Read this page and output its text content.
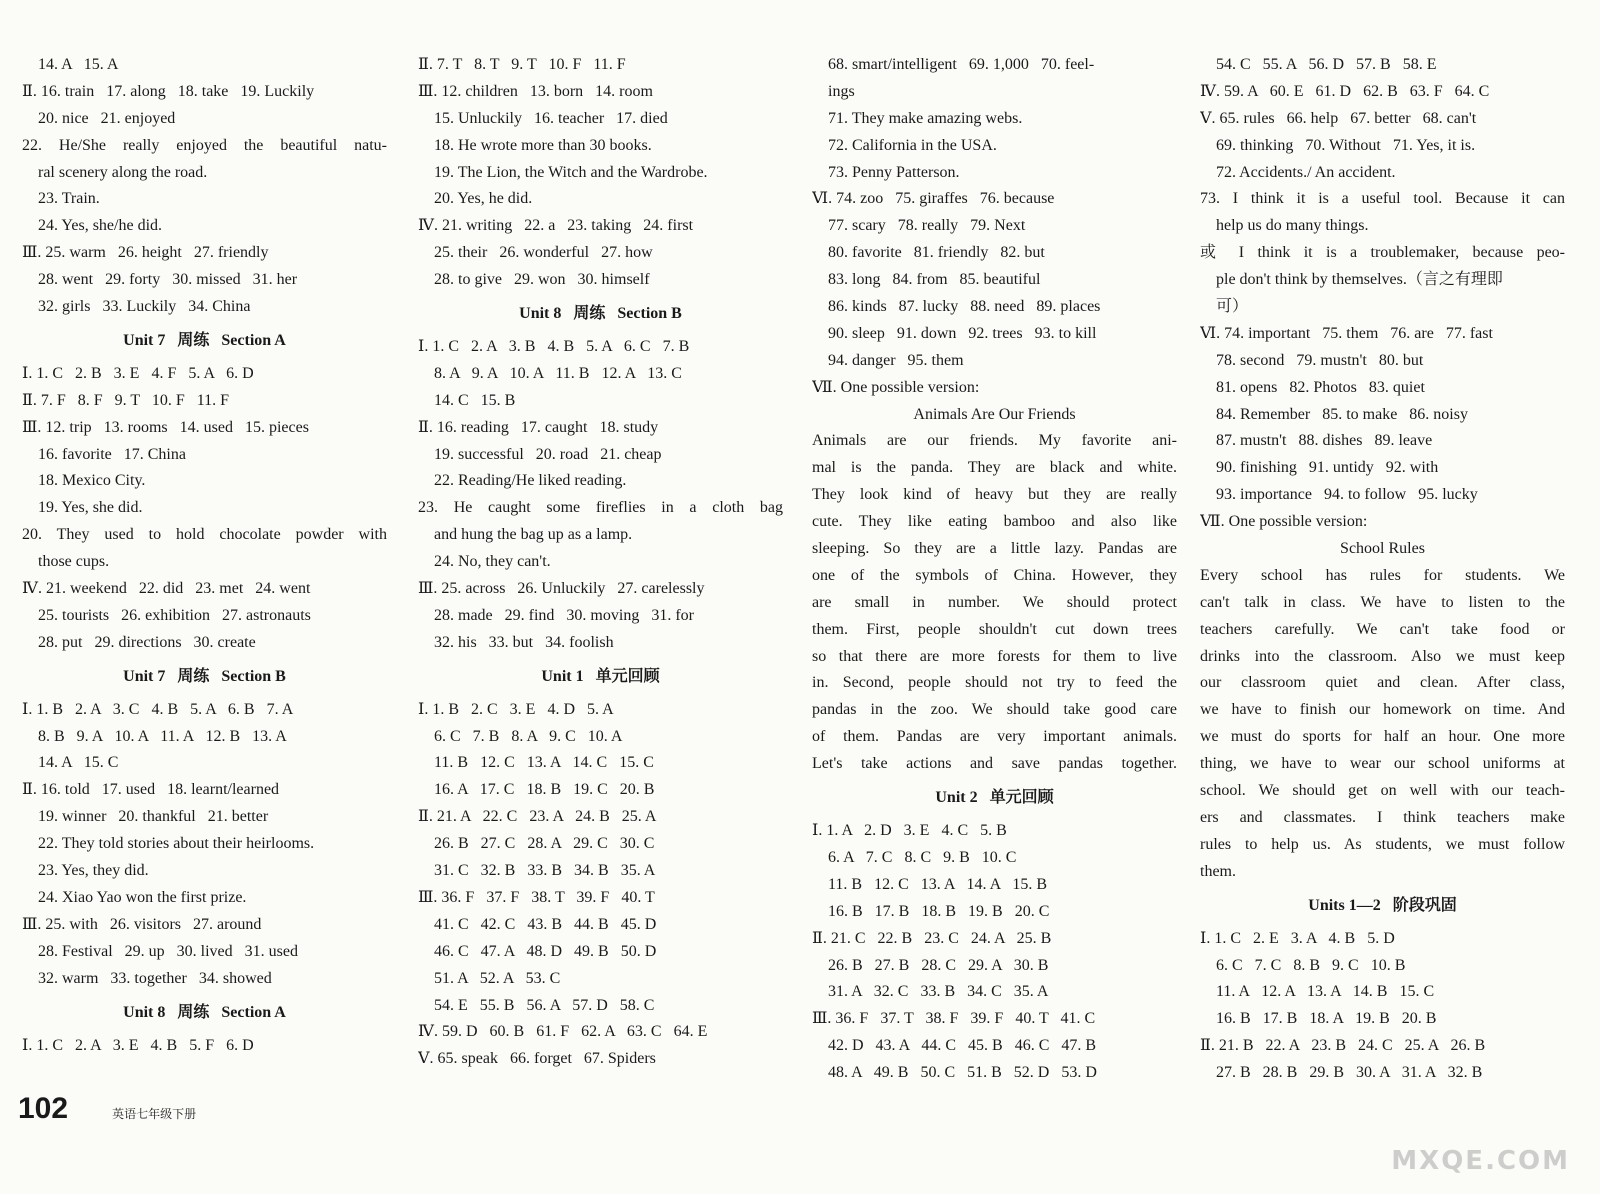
14. A   15. A
Ⅱ. 16. train   17. along   18. take   19. Luckily
20. nice   21. enjoyed
22. He/She really enjoyed the beautiful natu-
ral scenery along the road.
23. Train.
24. Yes, she/he did.
Ⅲ. 25. warm   26. height   27. friendly
28. went   29. forty   30. missed   31. her
32. girls   33. Luckily   34. China
Unit 7   周练   Section A
Ⅰ. 1. C   2. B   3. E   4. F   5. A   6. D
Ⅱ. 7. F   8. F   9. T   10. F   11. F
Ⅲ. 12. trip   13. rooms   14. used   15. pieces
16. favorite   17. China
18. Mexico City.
19. Yes, she did.
20. They used to hold chocolate powder with
those cups.
Ⅳ. 21. weekend   22. did   23. met   24. went
25. tourists   26. exhibition   27. astronauts
28. put   29. directions   30. create
Unit 7   周练   Section B
Ⅰ. 1. B   2. A   3. C   4. B   5. A   6. B   7. A
8. B   9. A   10. A   11. A   12. B   13. A
14. A   15. C
Ⅱ. 16. told   17. used   18. learnt/learned
19. winner   20. thankful   21. better
22. They told stories about their heirlooms.
23. Yes, they did.
24. Xiao Yao won the first prize.
Ⅲ. 25. with   26. visitors   27. around
28. Festival   29. up   30. lived   31. used
32. warm   33. together   34. showed
Unit 8   周练   Section A
Ⅰ. 1. C   2. A   3. E   4. B   5. F   6. D
Ⅱ. 7. T   8. T   9. T   10. F   11. F
Ⅲ. 12. children   13. born   14. room
15. Unluckily   16. teacher   17. died
18. He wrote more than 30 books.
19. The Lion, the Witch and the Wardrobe.
20. Yes, he did.
Ⅳ. 21. writing   22. a   23. taking   24. first
25. their   26. wonderful   27. how
28. to give   29. won   30. himself
Unit 8   周练   Section B
Ⅰ. 1. C   2. A   3. B   4. B   5. A   6. C   7. B
8. A   9. A   10. A   11. B   12. A   13. C
14. C   15. B
Ⅱ. 16. reading   17. caught   18. study
19. successful   20. road   21. cheap
22. Reading/He liked reading.
23. He caught some fireflies in a cloth bag
and hung the bag up as a lamp.
24. No, they can't.
Ⅲ. 25. across   26. Unluckily   27. carelessly
28. made   29. find   30. moving   31. for
32. his   33. but   34. foolish
Unit 1   单元回顾
Ⅰ. 1. B   2. C   3. E   4. D   5. A
6. C   7. B   8. A   9. C   10. A
11. B   12. C   13. A   14. C   15. C
16. A   17. C   18. B   19. C   20. B
Ⅱ. 21. A   22. C   23. A   24. B   25. A
26. B   27. C   28. A   29. C   30. C
31. C   32. B   33. B   34. B   35. A
Ⅲ. 36. F   37. F   38. T   39. F   40. T
41. C   42. C   43. B   44. B   45. D
46. C   47. A   48. D   49. B   50. D
51. A   52. A   53. C
54. E   55. B   56. A   57. D   58. C
Ⅳ. 59. D   60. B   61. F   62. A   63. C   64. E
Ⅴ. 65. speak   66. forget   67. Spiders
68. smart/intelligent   69. 1,000   70. feel-
ings
71. They make amazing webs.
72. California in the USA.
73. Penny Patterson.
Ⅵ. 74. zoo   75. giraffes   76. because
77. scary   78. really   79. Next
80. favorite   81. friendly   82. but
83. long   84. from   85. beautiful
86. kinds   87. lucky   88. need   89. places
90. sleep   91. down   92. trees   93. to kill
94. danger   95. them
Ⅶ. One possible version:
Animals Are Our Friends
Animals are our friends. My favorite ani-
mal is the panda. They are black and white.
They look kind of heavy but they are really
cute. They like eating bamboo and also like
sleeping. So they are a little lazy. Pandas are
one of the symbols of China. However, they
are small in number. We should protect
them. First, people shouldn't cut down trees
so that there are more forests for them to live
in. Second, people should not try to feed the
pandas in the zoo. We should take good care
of them. Pandas are very important animals.
Let's take actions and save pandas together.
Unit 2   单元回顾
Ⅰ. 1. A   2. D   3. E   4. C   5. B
6. A   7. C   8. C   9. B   10. C
11. B   12. C   13. A   14. A   15. B
16. B   17. B   18. B   19. B   20. C
Ⅱ. 21. C   22. B   23. C   24. A   25. B
26. B   27. B   28. C   29. A   30. B
31. A   32. C   33. B   34. C   35. A
Ⅲ. 36. F   37. T   38. F   39. F   40. T   41. C
42. D   43. A   44. C   45. B   46. C   47. B
48. A   49. B   50. C   51. B   52. D   53. D
54. C   55. A   56. D   57. B   58. E
Ⅳ. 59. A   60. E   61. D   62. B   63. F   64. C
Ⅴ. 65. rules   66. help   67. better   68. can't
69. thinking   70. Without   71. Yes, it is.
72. Accidents./ An accident.
73. I think it is a useful tool. Because it can
help us do many things.
或 I think it is a troublemaker, because peo-
ple don't think by themselves.（言之有理即
可）
Ⅵ. 74. important   75. them   76. are   77. fast
78. second   79. mustn't   80. but
81. opens   82. Photos   83. quiet
84. Remember   85. to make   86. noisy
87. mustn't   88. dishes   89. leave
90. finishing   91. untidy   92. with
93. importance   94. to follow   95. lucky
Ⅶ. One possible version:
School Rules
Every school has rules for students. We
can't talk in class. We have to listen to the
teachers carefully. We can't take food or
drinks into the classroom. Also we must keep
our classroom quiet and clean. After class,
we have to finish our homework on time. And
we must do sports for half an hour. One more
thing, we have to wear our school uniforms at
school. We should get on well with our teach-
ers and classmates. I think teachers make
rules to help us. As students, we must follow
them.
Units 1—2   阶段巩固
Ⅰ. 1. C   2. E   3. A   4. B   5. D
6. C   7. C   8. B   9. C   10. B
11. A   12. A   13. A   14. B   15. C
16. B   17. B   18. A   19. B   20. B
Ⅱ. 21. B   22. A   23. B   24. C   25. A   26. B
27. B   28. B   29. B   30. A   31. A   32. B
102	英语七年级下册
MXQE.COM
